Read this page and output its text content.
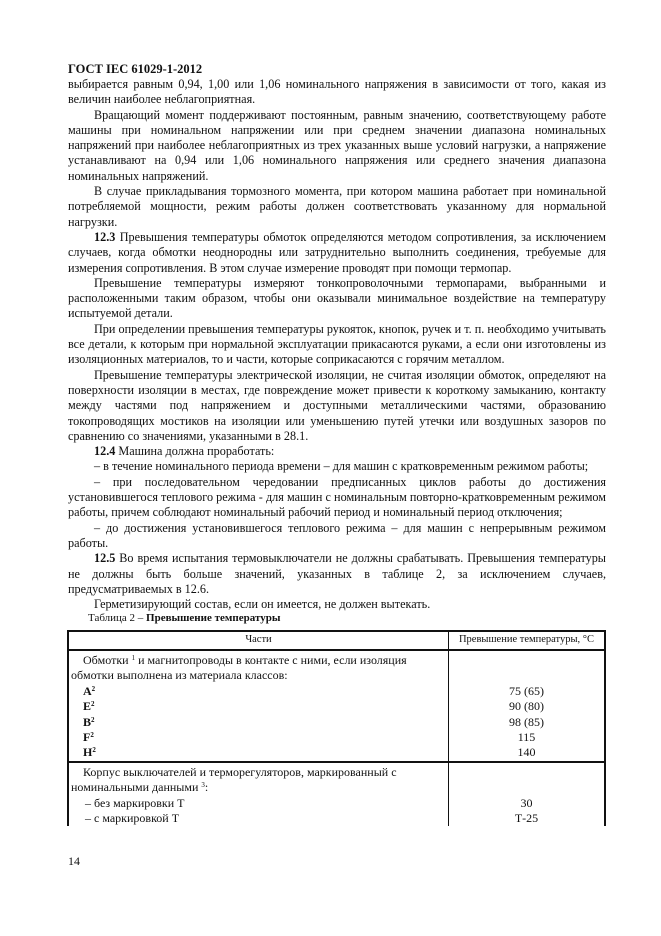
ГОСТ IEC 61029-1-2012

выбирается равным 0,94, 1,00 или 1,06 номинального напряжения в зависимости от того, какая из величин наиболее неблагоприятная.

Вращающий момент поддерживают постоянным, равным значению, соответствующему работе машины при номинальном напряжении или при среднем значении диапазона номинальных напряжений при наиболее неблагоприятных из трех указанных выше условий нагрузки, а напряжение устанавливают на 0,94 или 1,06 номинального напряжения или среднего значения диапазона номинальных напряжений.

В случае прикладывания тормозного момента, при котором машина работает при номинальной потребляемой мощности, режим работы должен соответствовать указанному для нормальной нагрузки.

12.3 Превышения температуры обмоток определяются методом сопротивления, за исключением случаев, когда обмотки неоднородны или затруднительно выполнить соединения, требуемые для измерения сопротивления. В этом случае измерение проводят при помощи термопар.

Превышение температуры измеряют тонкопроволочными термопарами, выбранными и расположенными таким образом, чтобы они оказывали минимальное воздействие на температуру испытуемой детали.

При определении превышения температуры рукояток, кнопок, ручек и т. п. необходимо учитывать все детали, к которым при нормальной эксплуатации прикасаются руками, а если они изготовлены из изоляционных материалов, то и части, которые соприкасаются с горячим металлом.

Превышение температуры электрической изоляции, не считая изоляции обмоток, определяют на поверхности изоляции в местах, где повреждение может привести к короткому замыканию, контакту между частями под напряжением и доступными металлическими частями, образованию токопроводящих мостиков на изоляции или уменьшению путей утечки или воздушных зазоров по сравнению со значениями, указанными в 28.1.

12.4 Машина должна проработать:

– в течение номинального периода времени – для машин с кратковременным режимом работы;

– при последовательном чередовании предписанных циклов работы до достижения установившегося теплового режима - для машин с номинальным повторно-кратковременным режимом работы, причем соблюдают номинальный рабочий период и номинальный период отключения;

– до достижения установившегося теплового режима – для машин с непрерывным режимом работы.

12.5 Во время испытания термовыключатели не должны срабатывать. Превышения температуры не должны быть больше значений, указанных в таблице 2, за исключением случаев, предусматриваемых в 12.6.

Герметизирующий состав, если он имеется, не должен вытекать.

Таблица 2 – Превышение температуры
Части	Превышение температуры, °С
Обмотки $^1$ и магнитопроводы в контакте с ними, если изоляция обмотки выполнена из материала классов:	
$A^2$	75 (65)
$E^2$	90 (80)
$B^2$	98 (85)
$F^2$	115
$H^2$	140
Корпус выключателей и терморегуляторов, маркированный с номинальными данными $^3$:	
– без маркировки Т	30
– с маркировкой Т	Т-25
14
